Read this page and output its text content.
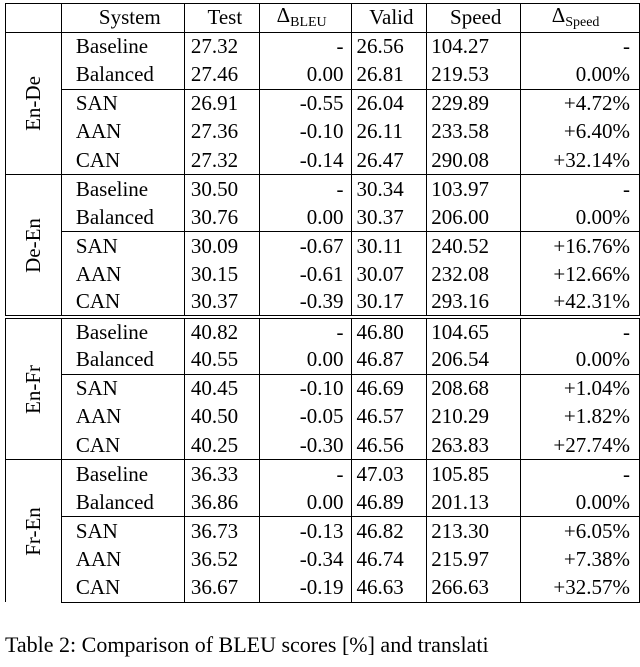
	System	Test	$\Delta_{BLEU}$	Valid	Speed	$\Delta_{Speed}$
En-De	Baseline	27.32	-	26.56	104.27	-
	Balanced	27.46	0.00	26.81	219.53	0.00%
	SAN	26.91	-0.55	26.04	229.89	+4.72%
	AAN	27.36	-0.10	26.11	233.58	+6.40%
	CAN	27.32	-0.14	26.47	290.08	+32.14%
De-En	Baseline	30.50	-	30.34	103.97	-
	Balanced	30.76	0.00	30.37	206.00	0.00%
	SAN	30.09	-0.67	30.11	240.52	+16.76%
	AAN	30.15	-0.61	30.07	232.08	+12.66%
	CAN	30.37	-0.39	30.17	293.16	+42.31%
En-Fr	Baseline	40.82	-	46.80	104.65	-
	Balanced	40.55	0.00	46.87	206.54	0.00%
	SAN	40.45	-0.10	46.69	208.68	+1.04%
	AAN	40.50	-0.05	46.57	210.29	+1.82%
	CAN	40.25	-0.30	46.56	263.83	+27.74%
Fr-En	Baseline	36.33	-	47.03	105.85	-
	Balanced	36.86	0.00	46.89	201.13	0.00%
	SAN	36.73	-0.13	46.82	213.30	+6.05%
	AAN	36.52	-0.34	46.74	215.97	+7.38%
	CAN	36.67	-0.19	46.63	266.63	+32.57%
Table 2: Comparison of BLEU scores [%] and translati
